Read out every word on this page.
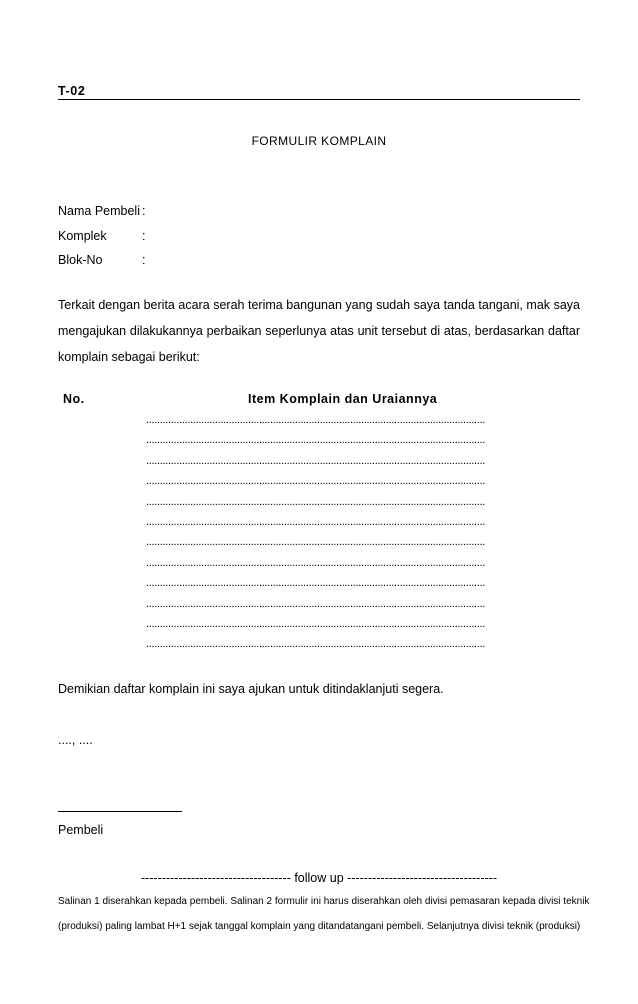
T-02
FORMULIR KOMPLAIN
Nama Pembeli :
Komplek	:
Blok-No	:
Terkait dengan berita acara serah terima bangunan yang sudah saya tanda tangani, mak saya
mengajukan dilakukannya perbaikan seperlunya atas unit tersebut di atas, berdasarkan daftar
komplain sebagai berikut:
No.	Item Komplain dan Uraiannya
...........................................................................................................................
...........................................................................................................................
...........................................................................................................................
...........................................................................................................................
...........................................................................................................................
...........................................................................................................................
...........................................................................................................................
...........................................................................................................................
...........................................................................................................................
...........................................................................................................................
...........................................................................................................................
...........................................................................................................................
Demikian daftar komplain ini saya ajukan untuk ditindaklanjuti segera.
...., ....
Pembeli
------------------------------------ follow up ------------------------------------
Salinan 1 diserahkan kepada pembeli. Salinan 2 formulir ini harus diserahkan oleh divisi pemasaran kepada divisi teknik
(produksi) paling lambat H+1 sejak tanggal komplain yang ditandatangani pembeli. Selanjutnya divisi teknik (produksi)
